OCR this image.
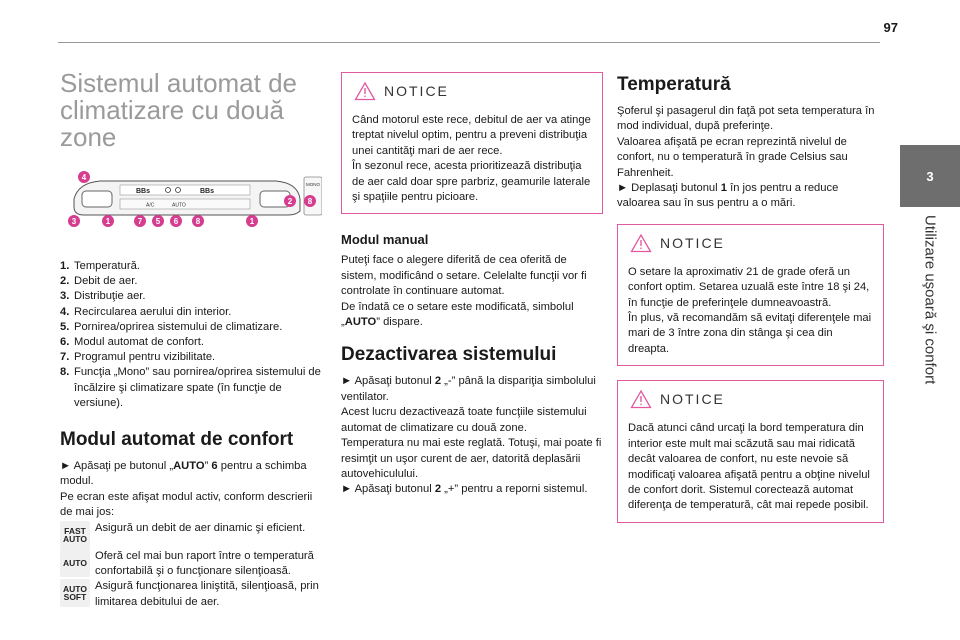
97
3
Utilizare uşoară şi confort
Sistemul automat de climatizare cu două zone
BBs	BBs
A/C	AUTO
MONO
4
3	1	7 5 6 8	1
2 8
1. Temperatură.
2. Debit de aer.
3. Distribuţie aer.
4. Recircularea aerului din interior.
5. Pornirea/oprirea sistemului de climatizare.
6. Modul automat de confort.
7. Programul pentru vizibilitate.
8. Funcţia „Mono” sau pornirea/oprirea sistemului de încălzire şi climatizare spate (în funcţie de versiune).
Modul automat de confort

► Apăsaţi pe butonul „AUTO” 6 pentru a schimba modul.

Pe ecran este afişat modul activ, conform descrierii de mai jos:

FAST
AUTO
Asigură un debit de aer dinamic şi eficient.
AUTO
Oferă cel mai bun raport între o temperatură confortabilă şi o funcţionare silenţioasă.
AUTO
SOFT
Asigură funcţionarea liniştită, silenţioasă, prin limitarea debitului de aer.
NOTICE
Când motorul este rece, debitul de aer va atinge treptat nivelul optim, pentru a preveni distribuţia unei cantităţi mari de aer rece.
În sezonul rece, acesta prioritizează distribuţia de aer cald doar spre parbriz, geamurile laterale şi spaţiile pentru picioare.
Modul manual

Puteţi face o alegere diferită de cea oferită de sistem, modificând o setare. Celelalte funcţii vor fi controlate în continuare automat.

De îndată ce o setare este modificată, simbolul „AUTO” dispare.

Dezactivarea sistemului

► Apăsaţi butonul 2 „-” până la dispariţia simbolului ventilator.

Acest lucru dezactivează toate funcţiile sistemului automat de climatizare cu două zone.

Temperatura nu mai este reglată. Totuşi, mai poate fi resimţit un uşor curent de aer, datorită deplasării autovehiculului.

► Apăsaţi butonul 2 „+” pentru a reporni sistemul.

Temperatură

Şoferul şi pasagerul din faţă pot seta temperatura în mod individual, după preferinţe.

Valoarea afişată pe ecran reprezintă nivelul de confort, nu o temperatură în grade Celsius sau Fahrenheit.

► Deplasaţi butonul 1 în jos pentru a reduce valoarea sau în sus pentru a o mări.

NOTICE
O setare la aproximativ 21 de grade oferă un confort optim. Setarea uzuală este între 18 şi 24, în funcţie de preferinţele dumneavoastră.
În plus, vă recomandăm să evitaţi diferenţele mai mari de 3 între zona din stânga şi cea din dreapta.
NOTICE
Dacă atunci când urcaţi la bord temperatura din interior este mult mai scăzută sau mai ridicată decât valoarea de confort, nu este nevoie să modificaţi valoarea afişată pentru a obţine nivelul de confort dorit. Sistemul corectează automat diferenţa de temperatură, cât mai repede posibil.
